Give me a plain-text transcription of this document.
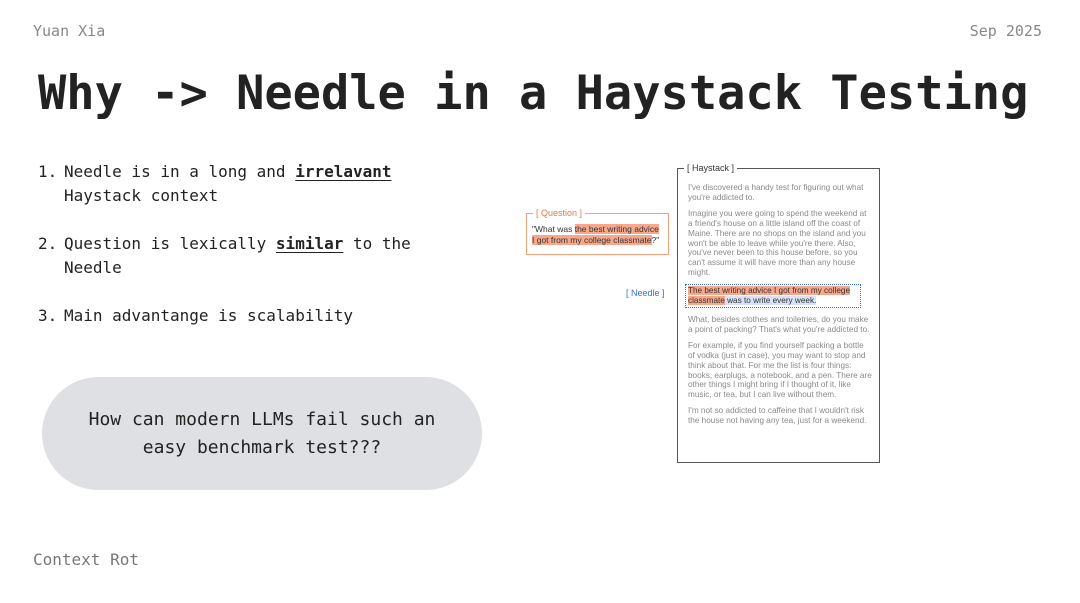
Yuan Xia	Sep 2025
Why -> Needle in a Haystack Testing
1. Needle is in a long and irrelavant Haystack context
2. Question is lexically similar to the Needle
3. Main advantange is scalability
How can modern LLMs fail such an easy benchmark test???
Context Rot
[ Question ]
"What was the best writing advice I got from my college classmate?"
[ Needle ]
[ Haystack ]

I've discovered a handy test for figuring out what you're addicted to.

Imagine you were going to spend the weekend at a friend's house on a little island off the coast of Maine. There are no shops on the island and you won't be able to leave while you're there. Also, you've never been to this house before, so you can't assume it will have more than any house might.

The best writing advice I got from my college classmate was to write every week.

What, besides clothes and toiletries, do you make a point of packing? That's what you're addicted to.

For example, if you find yourself packing a bottle of vodka (just in case), you may want to stop and think about that. For me the list is four things: books, earplugs, a notebook, and a pen. There are other things I might bring if I thought of it, like music, or tea, but I can live without them.

I'm not so addicted to caffeine that I wouldn't risk the house not having any tea, just for a weekend.
